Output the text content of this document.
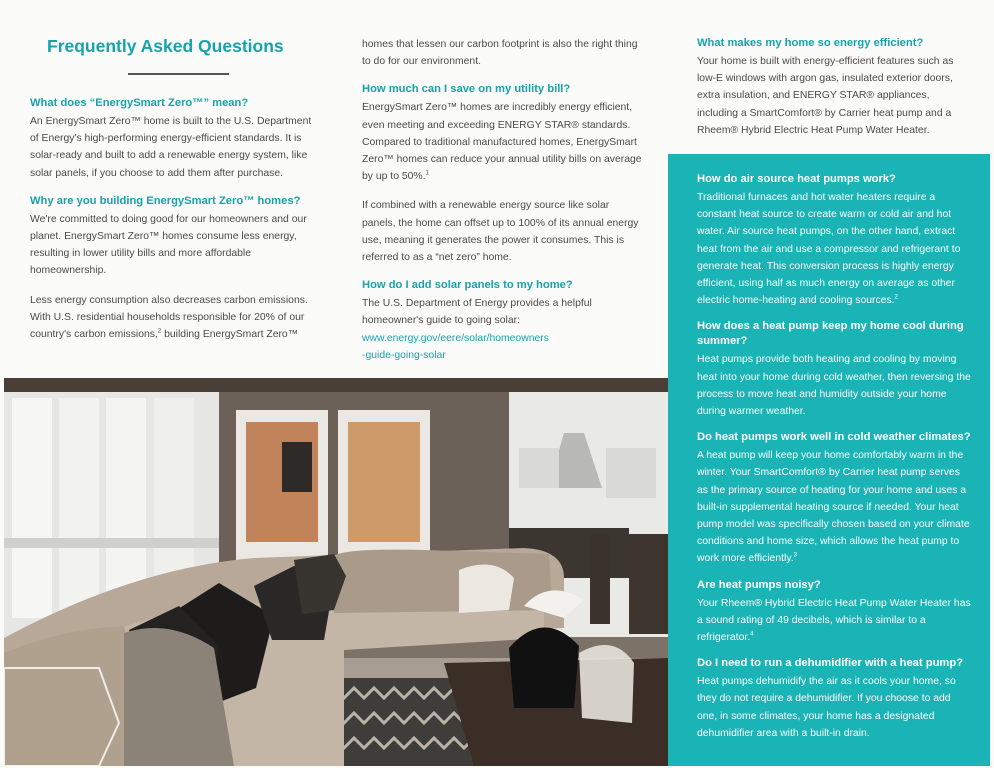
Frequently Asked Questions
What does “EnergySmart Zero™” mean?

An EnergySmart Zero™ home is built to the U.S. Department of Energy's high-performing energy-efficient standards. It is solar-ready and built to add a renewable energy system, like solar panels, if you choose to add them after purchase.

Why are you building EnergySmart Zero™ homes?

We're committed to doing good for our homeowners and our planet. EnergySmart Zero™ homes consume less energy, resulting in lower utility bills and more affordable homeownership.

Less energy consumption also decreases carbon emissions. With U.S. residential households responsible for 20% of our country's carbon emissions,$^2$ building EnergySmart Zero™

homes that lessen our carbon footprint is also the right thing to do for our environment.

How much can I save on my utility bill?

EnergySmart Zero™ homes are incredibly energy efficient, even meeting and exceeding ENERGY STAR® standards. Compared to traditional manufactured homes, EnergySmart Zero™ homes can reduce your annual utility bills on average by up to 50%.$^1$

If combined with a renewable energy source like solar panels, the home can offset up to 100% of its annual energy use, meaning it generates the power it consumes. This is referred to as a “net zero” home.

How do I add solar panels to my home?

The U.S. Department of Energy provides a helpful homeowner's guide to going solar:

www.energy.gov/eere/solar/homeowners
-guide-going-solar
What makes my home so energy efficient?

Your home is built with energy-efficient features such as low-E windows with argon gas, insulated exterior doors, extra insulation, and ENERGY STAR® appliances, including a SmartComfort® by Carrier heat pump and a Rheem® Hybrid Electric Heat Pump Water Heater.

How do air source heat pumps work?

Traditional furnaces and hot water heaters require a constant heat source to create warm or cold air and hot water. Air source heat pumps, on the other hand, extract heat from the air and use a compressor and refrigerant to generate heat. This conversion process is highly energy efficient, using half as much energy on average as other electric home-heating and cooling sources.$^2$

How does a heat pump keep my home cool during summer?

Heat pumps provide both heating and cooling by moving heat into your home during cold weather, then reversing the process to move heat and humidity outside your home during warmer weather.

Do heat pumps work well in cold weather climates?

A heat pump will keep your home comfortably warm in the winter. Your SmartComfort® by Carrier heat pump serves as the primary source of heating for your home and uses a built-in supplemental heating source if needed. Your heat pump model was specifically chosen based on your climate conditions and home size, which allows the heat pump to work more efficiently.$^3$

Are heat pumps noisy?

Your Rheem® Hybrid Electric Heat Pump Water Heater has a sound rating of 49 decibels, which is similar to a refrigerator.$^4$

Do I need to run a dehumidifier with a heat pump?

Heat pumps dehumidify the air as it cools your home, so they do not require a dehumidifier. If you choose to add one, in some climates, your home has a designated dehumidifier area with a built-in drain.
